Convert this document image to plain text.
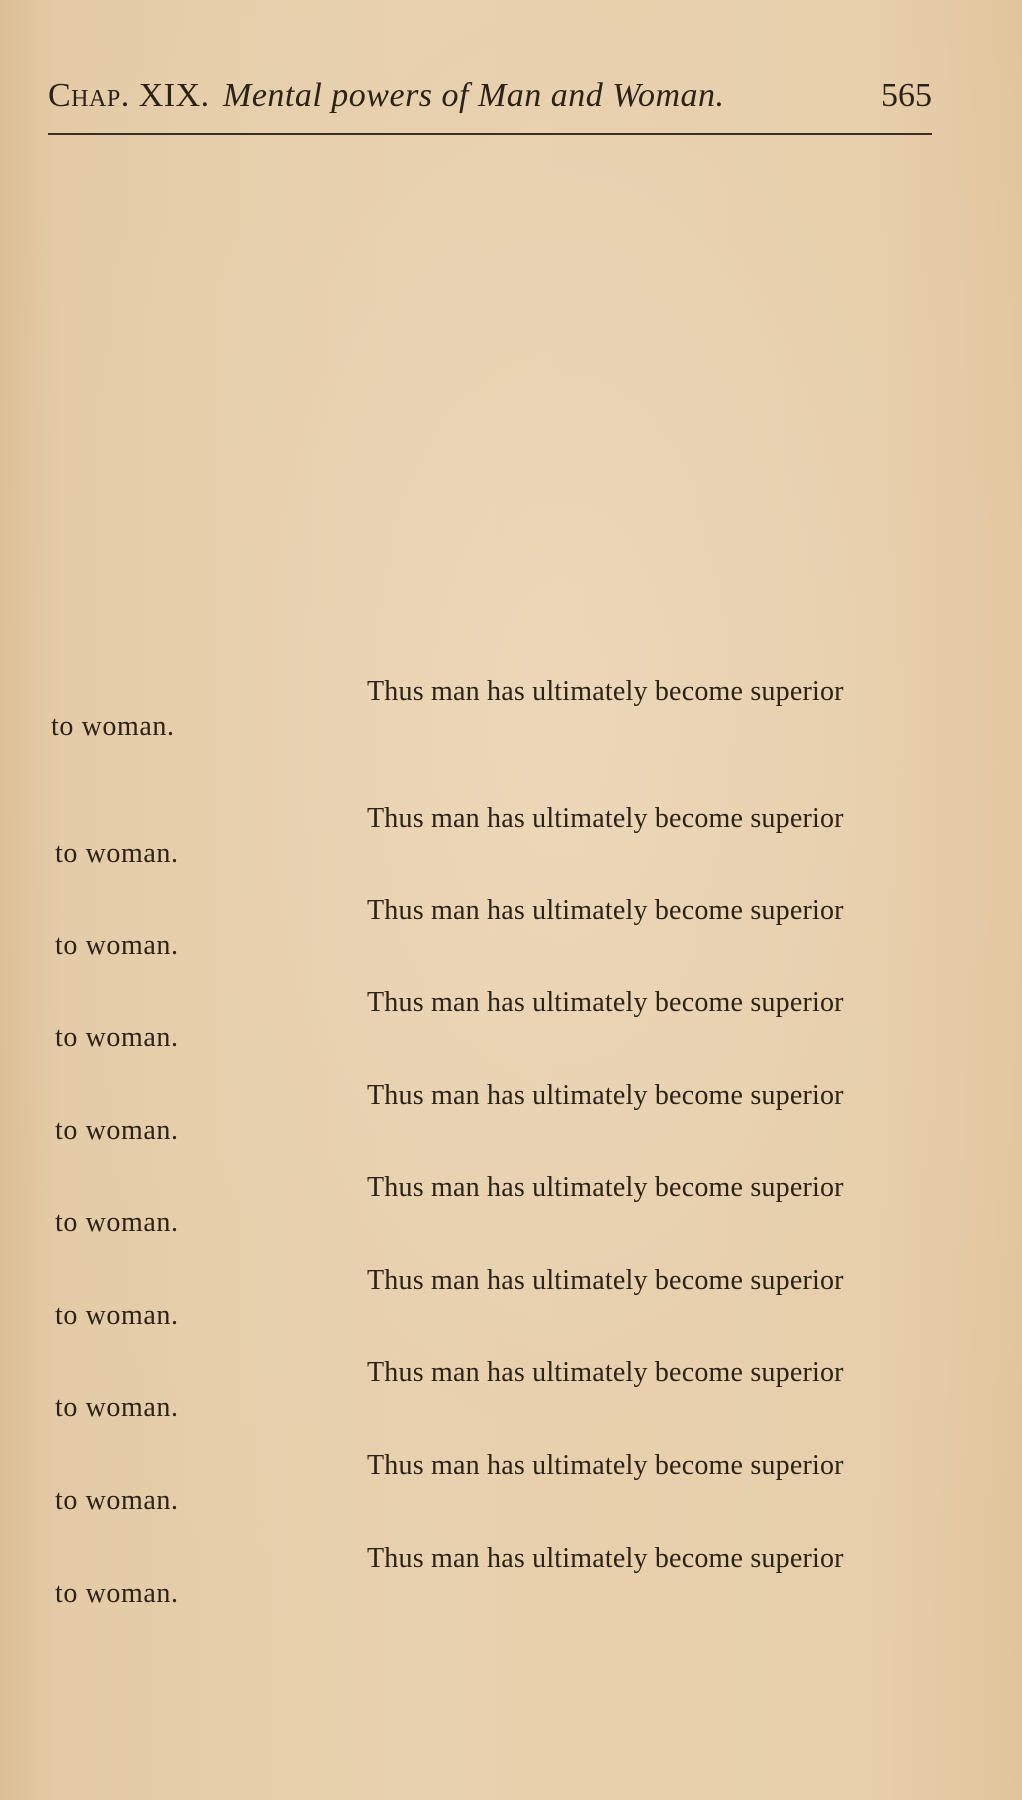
Chap. XIX. Mental powers of Man and Woman.	565
Thus man has ultimately become superior
to woman.
Thus man has ultimately become superior
to woman.
Thus man has ultimately become superior
to woman.
Thus man has ultimately become superior
to woman.
Thus man has ultimately become superior
to woman.
Thus man has ultimately become superior
to woman.
Thus man has ultimately become superior
to woman.
Thus man has ultimately become superior
to woman.
Thus man has ultimately become superior
to woman.
Thus man has ultimately become superior
to woman.
